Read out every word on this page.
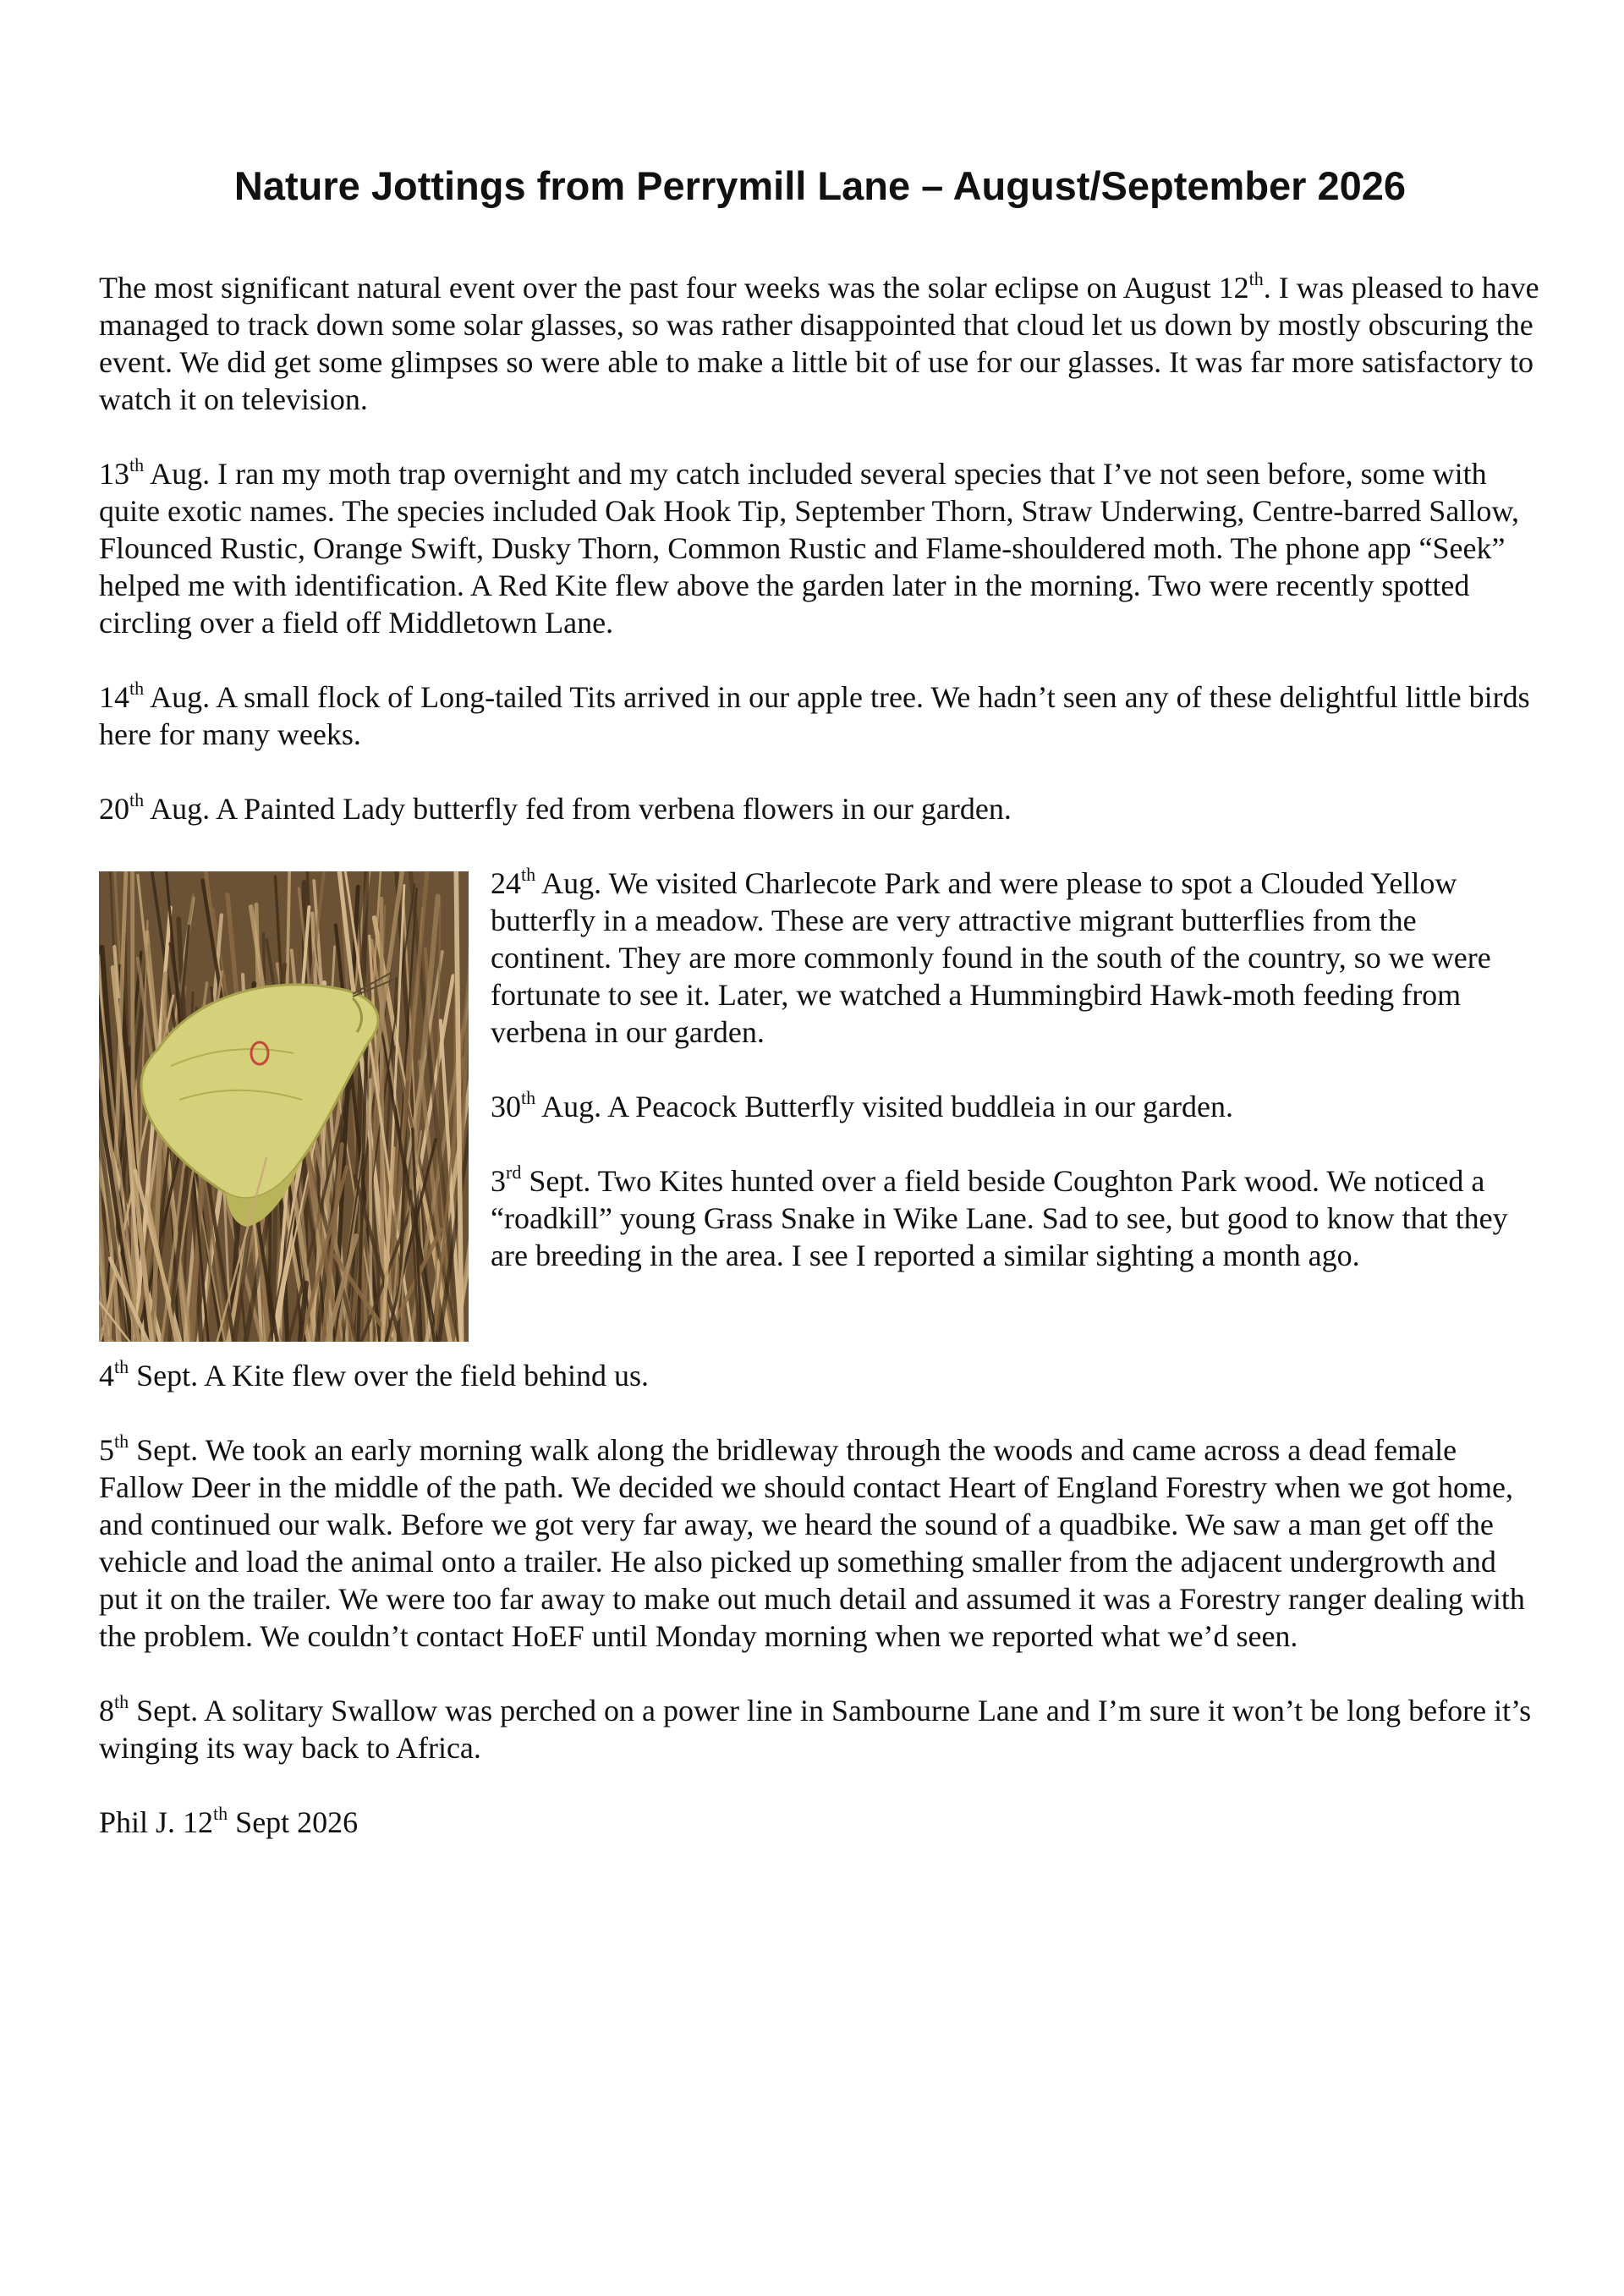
Nature Jottings from Perrymill Lane – August/September 2026

The most significant natural event over the past four weeks was the solar eclipse on August 12th. I was pleased to have managed to track down some solar glasses, so was rather disappointed that cloud let us down by mostly obscuring the event. We did get some glimpses so were able to make a little bit of use for our glasses. It was far more satisfactory to watch it on television.

13th Aug. I ran my moth trap overnight and my catch included several species that I’ve not seen before, some with quite exotic names. The species included Oak Hook Tip, September Thorn, Straw Underwing, Centre-barred Sallow, Flounced Rustic, Orange Swift, Dusky Thorn, Common Rustic and Flame-shouldered moth. The phone app “Seek” helped me with identification. A Red Kite flew above the garden later in the morning. Two were recently spotted circling over a field off Middletown Lane.

14th Aug. A small flock of Long-tailed Tits arrived in our apple tree. We hadn’t seen any of these delightful little birds here for many weeks.

20th Aug. A Painted Lady butterfly fed from verbena flowers in our garden.

24th Aug. We visited Charlecote Park and were please to spot a Clouded Yellow butterfly in a meadow. These are very attractive migrant butterflies from the continent. They are more commonly found in the south of the country, so we were fortunate to see it. Later, we watched a Hummingbird Hawk-moth feeding from verbena in our garden.

30th Aug. A Peacock Butterfly visited buddleia in our garden.

3rd Sept. Two Kites hunted over a field beside Coughton Park wood. We noticed a “roadkill” young Grass Snake in Wike Lane. Sad to see, but good to know that they are breeding in the area. I see I reported a similar sighting a month ago.

4th Sept. A Kite flew over the field behind us.

5th Sept. We took an early morning walk along the bridleway through the woods and came across a dead female Fallow Deer in the middle of the path. We decided we should contact Heart of England Forestry when we got home, and continued our walk. Before we got very far away, we heard the sound of a quadbike. We saw a man get off the vehicle and load the animal onto a trailer. He also picked up something smaller from the adjacent undergrowth and put it on the trailer. We were too far away to make out much detail and assumed it was a Forestry ranger dealing with the problem. We couldn’t contact HoEF until Monday morning when we reported what we’d seen.

8th Sept. A solitary Swallow was perched on a power line in Sambourne Lane and I’m sure it won’t be long before it’s winging its way back to Africa.

Phil J. 12th Sept 2026
